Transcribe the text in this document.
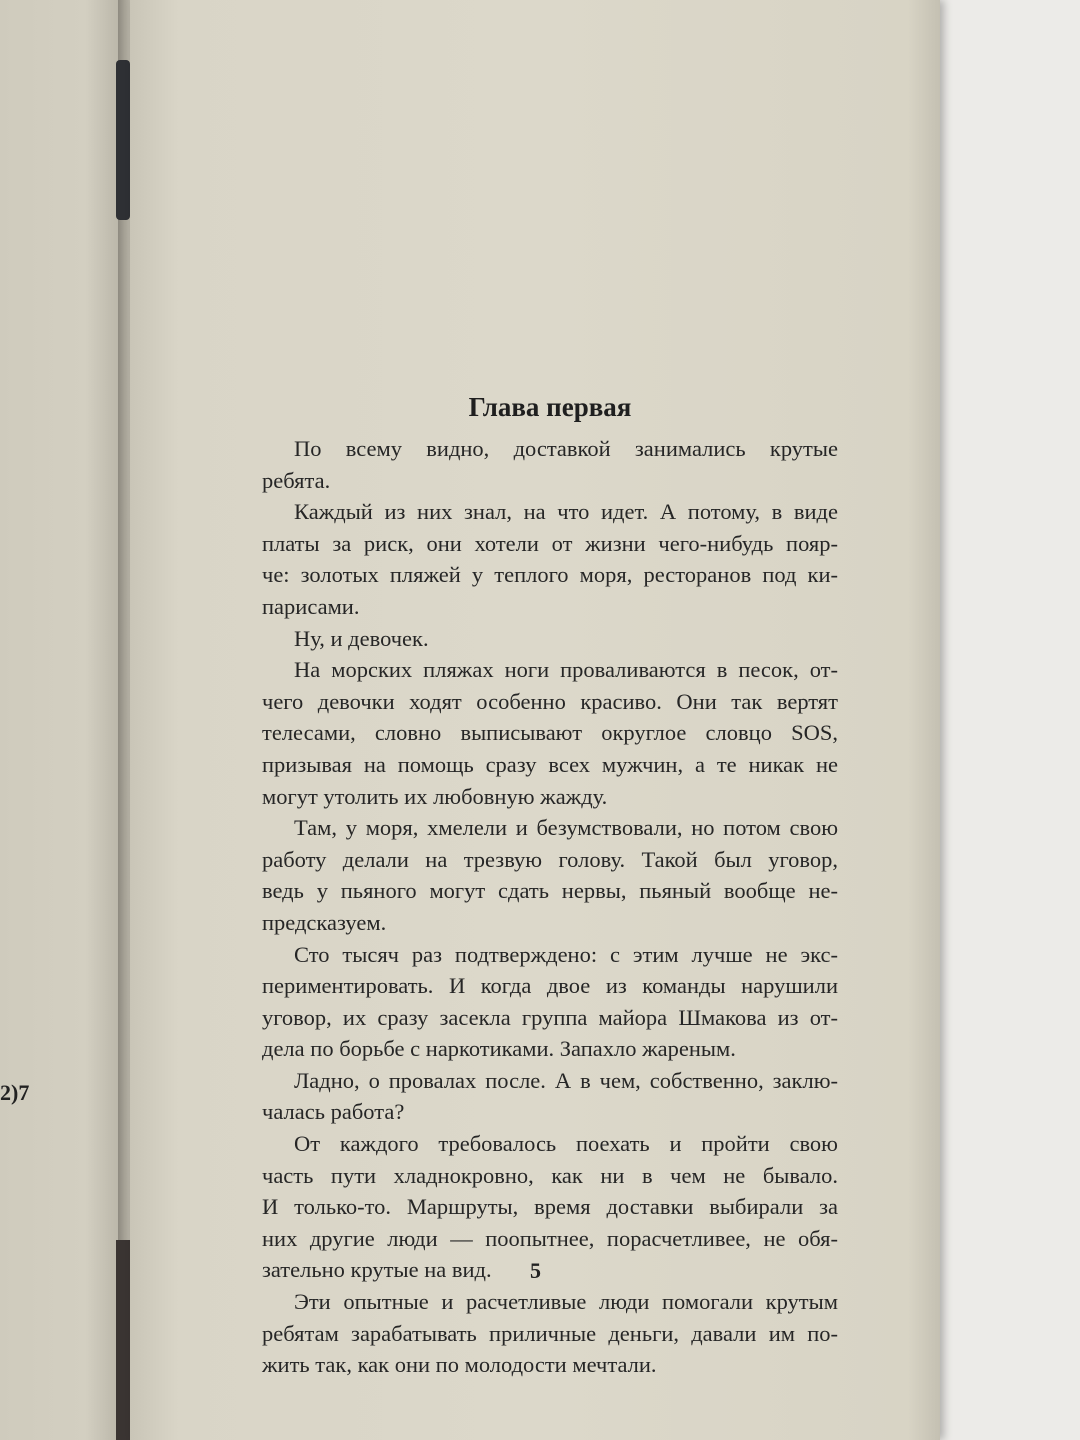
2)7
Глава первая
По всему видно, доставкой занимались крутые
ребята.
Каждый из них знал, на что идет. А потому, в виде
платы за риск, они хотели от жизни чего-нибудь пояр-
че: золотых пляжей у теплого моря, ресторанов под ки-
парисами.
Ну, и девочек.
На морских пляжах ноги проваливаются в песок, от-
чего девочки ходят особенно красиво. Они так вертят
телесами, словно выписывают округлое словцо SOS,
призывая на помощь сразу всех мужчин, а те никак не
могут утолить их любовную жажду.
Там, у моря, хмелели и безумствовали, но потом свою
работу делали на трезвую голову. Такой был уговор,
ведь у пьяного могут сдать нервы, пьяный вообще не-
предсказуем.
Сто тысяч раз подтверждено: с этим лучше не экс-
периментировать. И когда двое из команды нарушили
уговор, их сразу засекла группа майора Шмакова из от-
дела по борьбе с наркотиками. Запахло жареным.
Ладно, о провалах после. А в чем, собственно, заклю-
чалась работа?
От каждого требовалось поехать и пройти свою
часть пути хладнокровно, как ни в чем не бывало.
И только-то. Маршруты, время доставки выбирали за
них другие люди — поопытнее, порасчетливее, не обя-
зательно крутые на вид.
Эти опытные и расчетливые люди помогали крутым
ребятам зарабатывать приличные деньги, давали им по-
жить так, как они по молодости мечтали.
5
